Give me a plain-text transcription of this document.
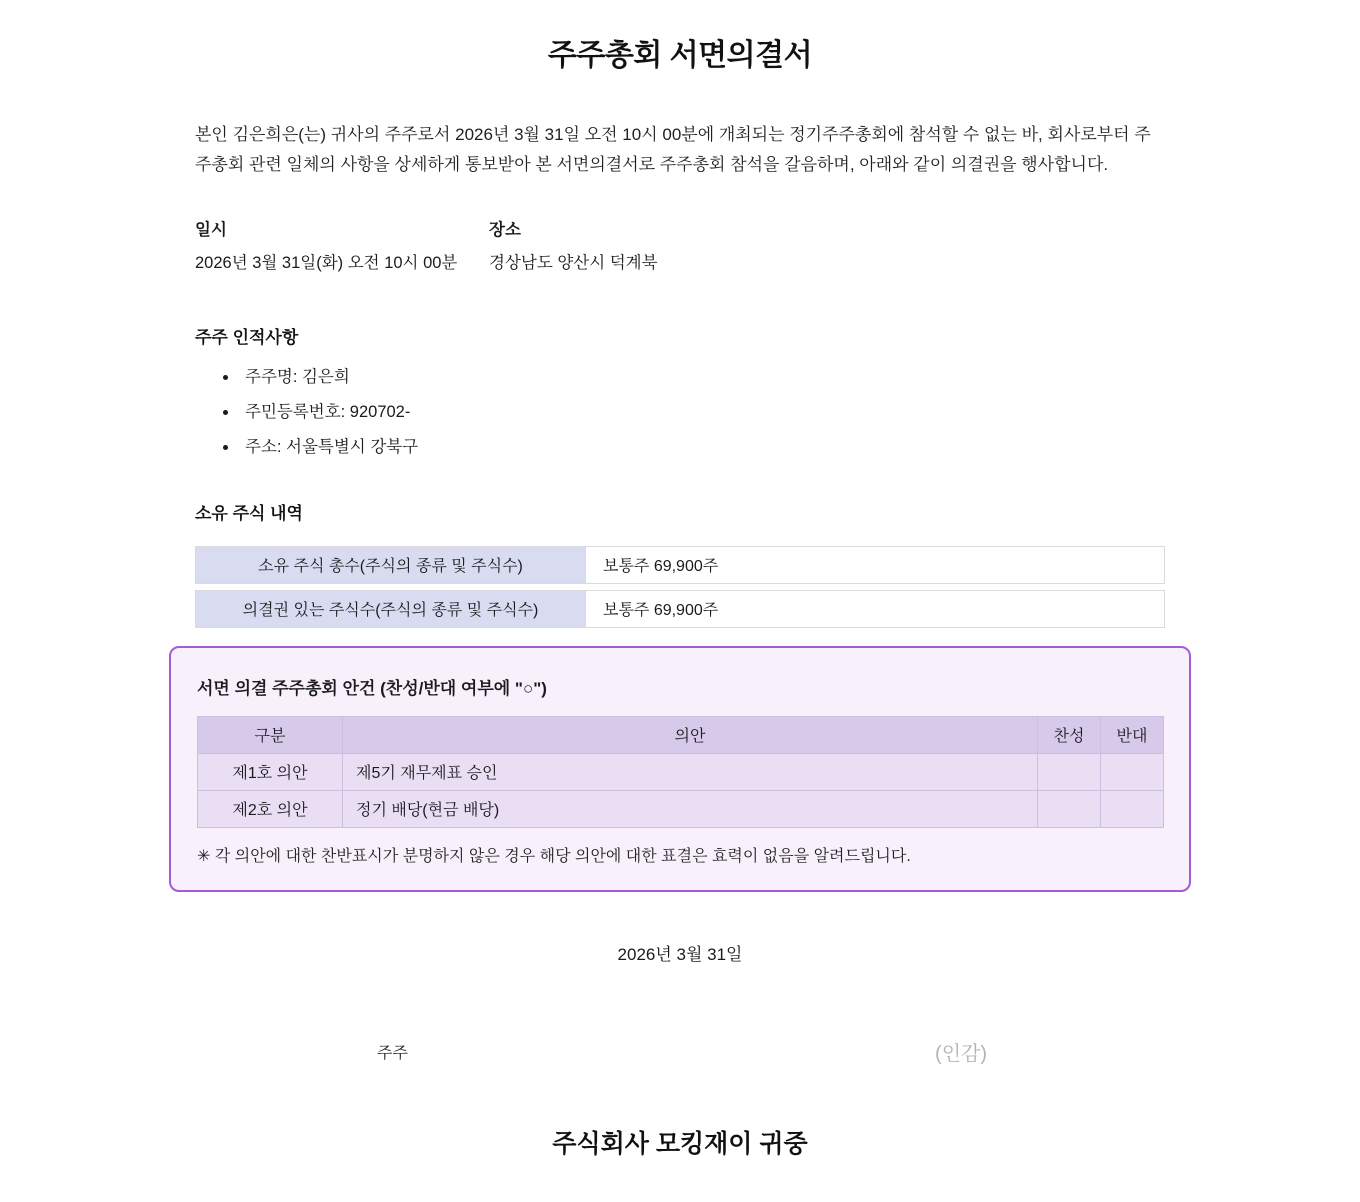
주주총회 서면의결서

본인 김은희은(는) 귀사의 주주로서 2026년 3월 31일 오전 10시 00분에 개최되는 정기주주총회에 참석할 수 없는 바, 회사로부터 주주총회 관련 일체의 사항을 상세하게 통보받아 본 서면의결서로 주주총회 참석을 갈음하며, 아래와 같이 의결권을 행사합니다.

일시
2026년 3월 31일(화) 오전 10시 00분
장소
경상남도 양산시 덕계북
주주 인적사항
• 주주명: 김은희
• 주민등록번호: 920702-
• 주소: 서울특별시 강북구
소유 주식 내역
소유 주식 총수(주식의 종류 및 주식수)	보통주 69,900주
의결권 있는 주식수(주식의 종류 및 주식수)	보통주 69,900주
서면 의결 주주총회 안건 (찬성/반대 여부에 "○")
구분	의안	찬성	반대
제1호 의안	제5기 재무제표 승인		
제2호 의안	정기 배당(현금 배당)		

✳ 각 의안에 대한 찬반표시가 분명하지 않은 경우 해당 의안에 대한 표결은 효력이 없음을 알려드립니다.

2026년 3월 31일
주주	(인감)
주식회사 모킹재이 귀중
